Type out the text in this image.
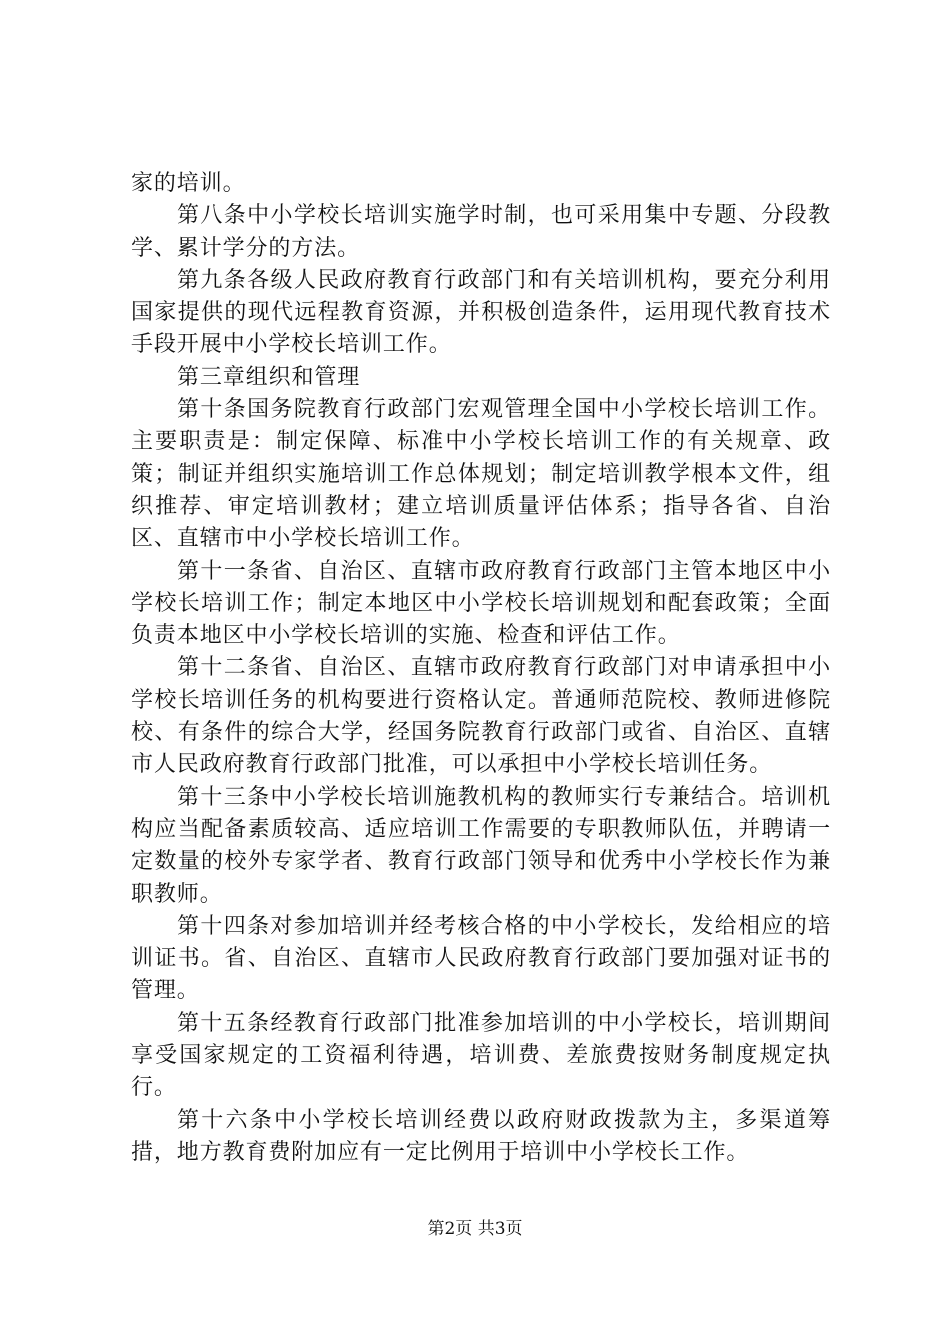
家的培训。

第八条中小学校长培训实施学时制，也可采用集中专题、分段教学、累计学分的方法。

第九条各级人民政府教育行政部门和有关培训机构，要充分利用国家提供的现代远程教育资源，并积极创造条件，运用现代教育技术手段开展中小学校长培训工作。

第三章组织和管理

第十条国务院教育行政部门宏观管理全国中小学校长培训工作。主要职责是：制定保障、标准中小学校长培训工作的有关规章、政策；制证并组织实施培训工作总体规划；制定培训教学根本文件，组织推荐、审定培训教材；建立培训质量评估体系；指导各省、自治区、直辖市中小学校长培训工作。

第十一条省、自治区、直辖市政府教育行政部门主管本地区中小学校长培训工作；制定本地区中小学校长培训规划和配套政策；全面负责本地区中小学校长培训的实施、检查和评估工作。

第十二条省、自治区、直辖市政府教育行政部门对申请承担中小学校长培训任务的机构要进行资格认定。普通师范院校、教师进修院校、有条件的综合大学，经国务院教育行政部门或省、自治区、直辖市人民政府教育行政部门批准，可以承担中小学校长培训任务。

第十三条中小学校长培训施教机构的教师实行专兼结合。培训机构应当配备素质较高、适应培训工作需要的专职教师队伍，并聘请一定数量的校外专家学者、教育行政部门领导和优秀中小学校长作为兼职教师。

第十四条对参加培训并经考核合格的中小学校长，发给相应的培训证书。省、自治区、直辖市人民政府教育行政部门要加强对证书的管理。

第十五条经教育行政部门批准参加培训的中小学校长，培训期间享受国家规定的工资福利待遇，培训费、差旅费按财务制度规定执行。

第十六条中小学校长培训经费以政府财政拨款为主，多渠道筹措，地方教育费附加应有一定比例用于培训中小学校长工作。

第2页 共3页
